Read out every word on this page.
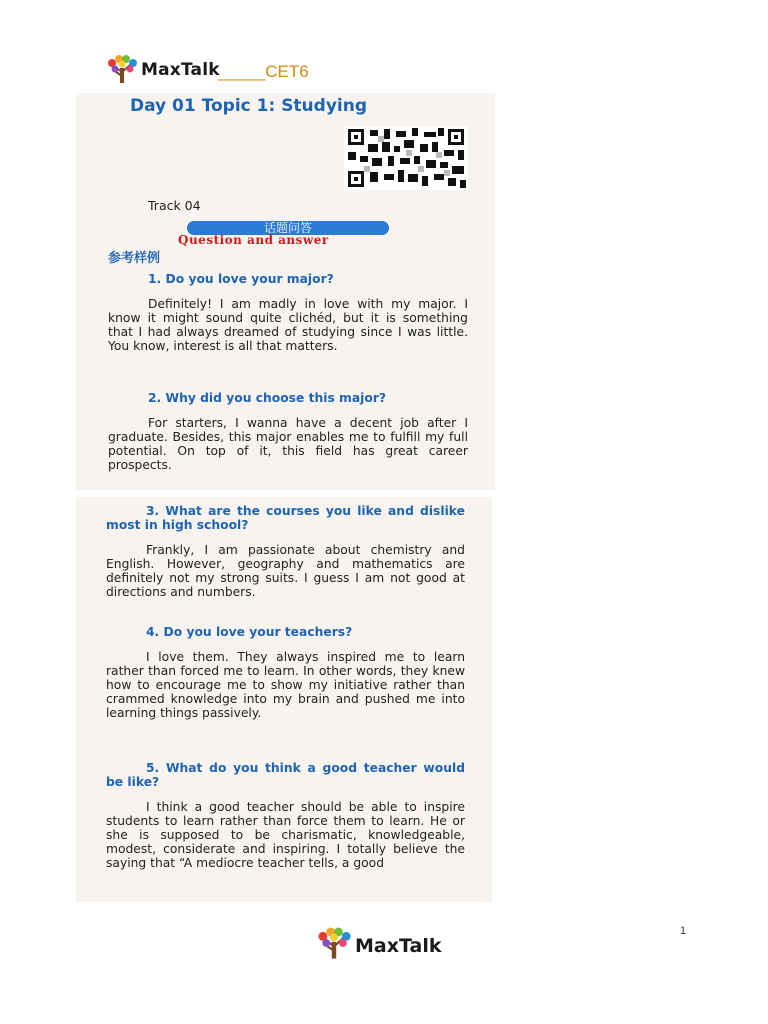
MaxTalk
_____CET6
Day 01 Topic 1: Studying
Track 04
话题问答
Question and answer
参考样例
1. Do you love your major?
Definitely! I am madly in love with my major. I know it might sound quite clichéd, but it is something that I had always dreamed of studying since I was little. You know, interest is all that matters.
2. Why did you choose this major?
For starters, I wanna have a decent job after I graduate. Besides, this major enables me to fulfill my full potential. On top of it, this field has great career prospects.
3. What are the courses you like and dislike most in high school?
Frankly, I am passionate about chemistry and English. However, geography and mathematics are definitely not my strong suits. I guess I am not good at directions and numbers.
4. Do you love your teachers?
I love them. They always inspired me to learn rather than forced me to learn. In other words, they knew how to encourage me to show my initiative rather than crammed knowledge into my brain and pushed me into learning things passively.
5. What do you think a good teacher would be like?
I think a good teacher should be able to inspire students to learn rather than force them to learn. He or she is supposed to be charismatic, knowledgeable, modest, considerate and inspiring. I totally believe the saying that “A mediocre teacher tells, a good
1
MaxTalk
